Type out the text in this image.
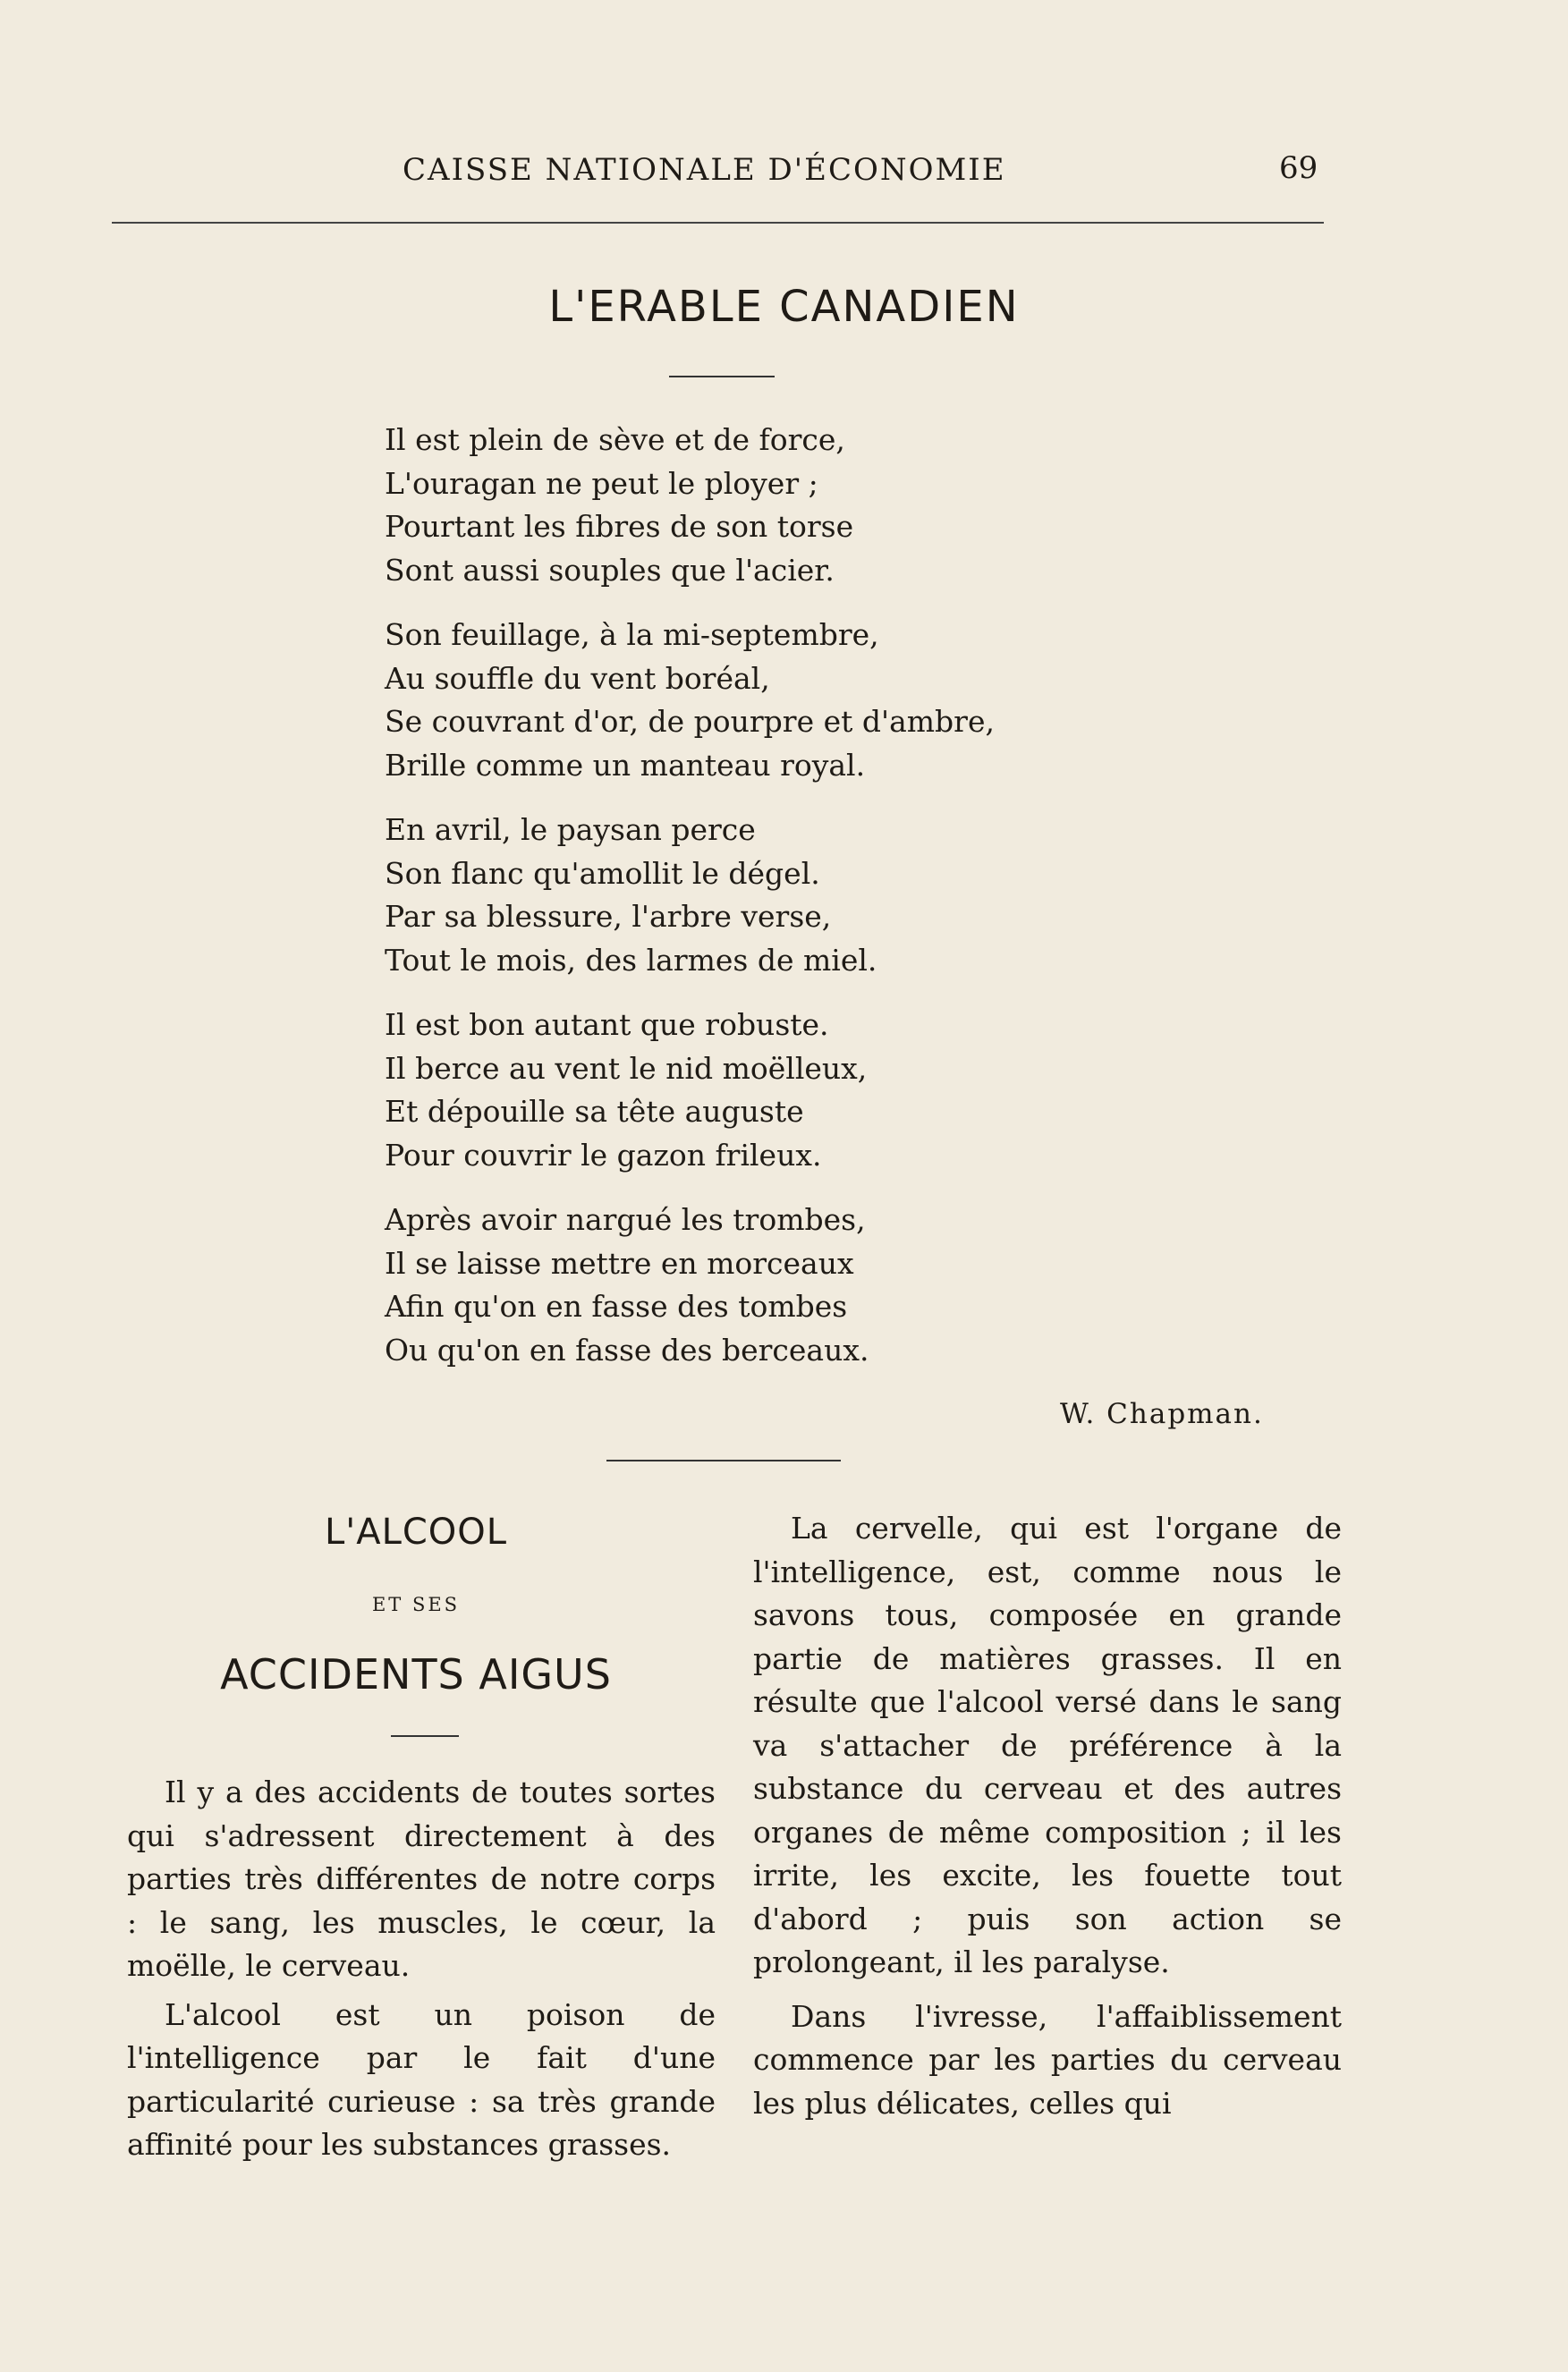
CAISSE NATIONALE D'ÉCONOMIE	69
L'ERABLE CANADIEN
Il est plein de sève et de force,
L'ouragan ne peut le ployer ;
Pourtant les fibres de son torse
Sont aussi souples que l'acier.
Son feuillage, à la mi-septembre,
Au souffle du vent boréal,
Se couvrant d'or, de pourpre et d'ambre,
Brille comme un manteau royal.
En avril, le paysan perce
Son flanc qu'amollit le dégel.
Par sa blessure, l'arbre verse,
Tout le mois, des larmes de miel.
Il est bon autant que robuste.
Il berce au vent le nid moëlleux,
Et dépouille sa tête auguste
Pour couvrir le gazon frileux.
Après avoir nargué les trombes,
Il se laisse mettre en morceaux
Afin qu'on en fasse des tombes
Ou qu'on en fasse des berceaux.
W. Chapman.
L'ALCOOL
ET SES
ACCIDENTS AIGUS

Il y a des accidents de toutes sortes qui s'adressent directement à des parties très différentes de notre corps : le sang, les muscles, le cœur, la moëlle, le cerveau.

L'alcool est un poison de l'intelligence par le fait d'une particularité curieuse : sa très grande affinité pour les substances grasses.

La cervelle, qui est l'organe de l'intelligence, est, comme nous le savons tous, composée en grande partie de matières grasses. Il en résulte que l'alcool versé dans le sang va s'attacher de préférence à la substance du cerveau et des autres organes de même composition ; il les irrite, les excite, les fouette tout d'abord ; puis son action se prolongeant, il les paralyse.

Dans l'ivresse, l'affaiblissement commence par les parties du cerveau les plus délicates, celles qui
